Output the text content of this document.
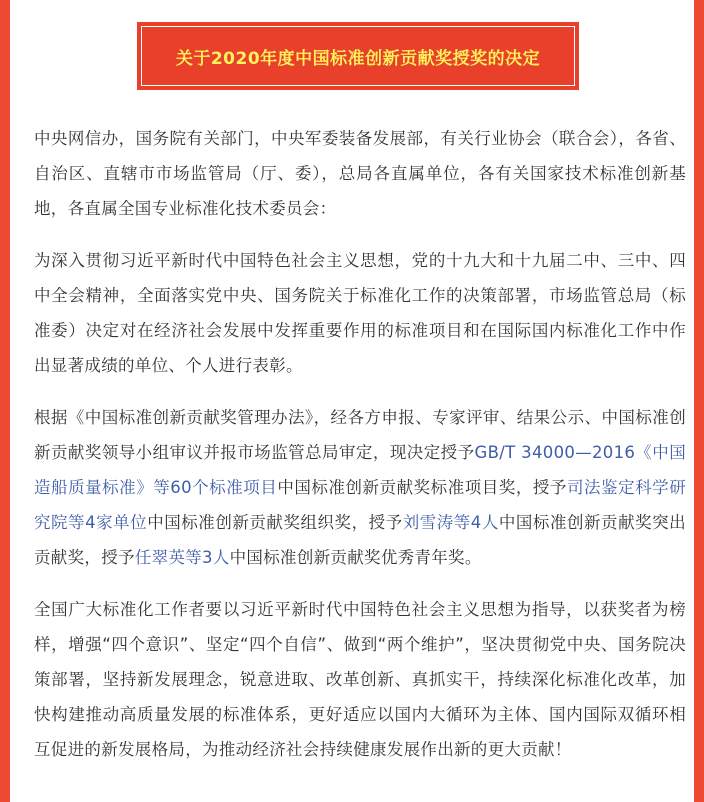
关于2020年度中国标准创新贡献奖授奖的决定

中央网信办，国务院有关部门，中央军委装备发展部，有关行业协会（联合会），各省、自治区、直辖市市场监管局（厅、委），总局各直属单位，各有关国家技术标准创新基地，各直属全国专业标准化技术委员会：

为深入贯彻习近平新时代中国特色社会主义思想，党的十九大和十九届二中、三中、四中全会精神，全面落实党中央、国务院关于标准化工作的决策部署，市场监管总局（标准委）决定对在经济社会发展中发挥重要作用的标准项目和在国际国内标准化工作中作出显著成绩的单位、个人进行表彰。

根据《中国标准创新贡献奖管理办法》，经各方申报、专家评审、结果公示、中国标准创新贡献奖领导小组审议并报市场监管总局审定，现决定授予GB/T 34000—2016《中国造船质量标准》等60个标准项目中国标准创新贡献奖标准项目奖，授予司法鉴定科学研究院等4家单位中国标准创新贡献奖组织奖，授予刘雪涛等4人中国标准创新贡献奖突出贡献奖，授予任翠英等3人中国标准创新贡献奖优秀青年奖。

全国广大标准化工作者要以习近平新时代中国特色社会主义思想为指导，以获奖者为榜样，增强“四个意识”、坚定“四个自信”、做到“两个维护”，坚决贯彻党中央、国务院决策部署，坚持新发展理念，锐意进取、改革创新、真抓实干，持续深化标准化改革，加快构建推动高质量发展的标准体系，更好适应以国内大循环为主体、国内国际双循环相互促进的新发展格局，为推动经济社会持续健康发展作出新的更大贡献！
